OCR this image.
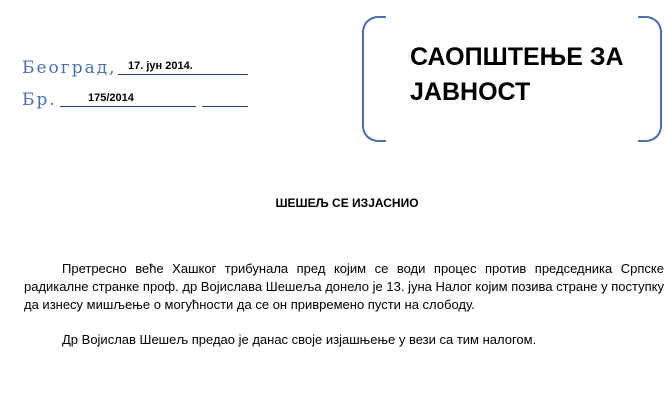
Београд,	17. јун 2014.
Бр.	175/2014
САОПШТЕЊЕ ЗА
ЈАВНОСТ
ШЕШЕЉ СЕ ИЗЈАСНИО

Претресно веће Хашког трибунала пред којим се води процес против председника Српске радикалне странке проф. др Војислава Шешеља донело је 13. јуна Налог којим позива стране у поступку да изнесу мишљење о могућности да се он привремено пусти на слободу.

Др Војислав Шешељ предао је данас своје изјашњење у вези са тим налогом.
